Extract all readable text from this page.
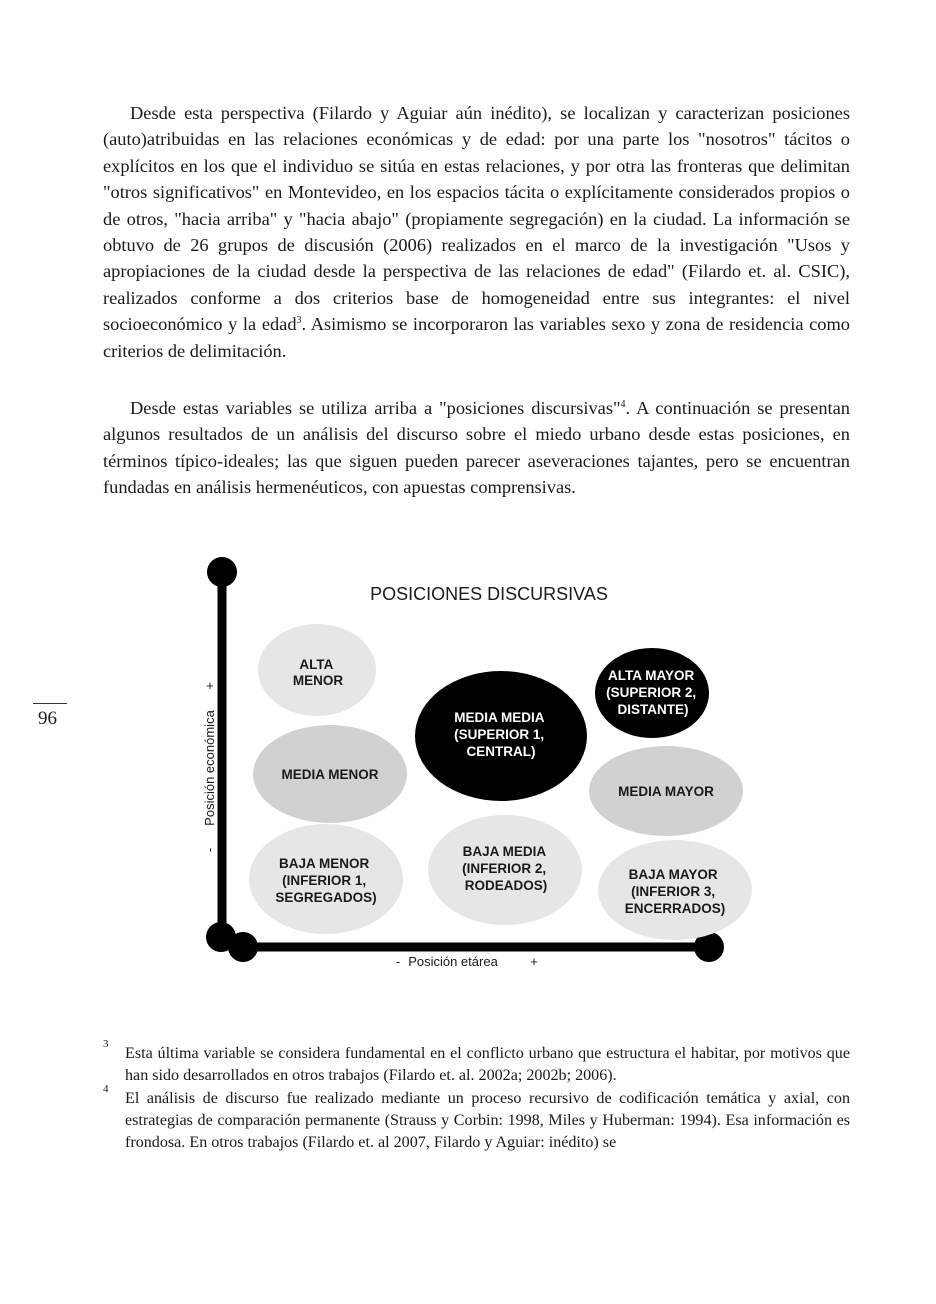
Desde esta perspectiva (Filardo y Aguiar aún inédito), se localizan y caracterizan posiciones (auto)atribuidas en las relaciones económicas y de edad: por una parte los "nosotros" tácitos o explícitos en los que el individuo se sitúa en estas relaciones, y por otra las fronteras que delimitan "otros significativos" en Montevideo, en los espacios tácita o explícitamente considerados propios o de otros, "hacia arriba" y "hacia abajo" (propiamente segregación) en la ciudad. La información se obtuvo de 26 grupos de discusión (2006) realizados en el marco de la investigación "Usos y apropiaciones de la ciudad desde la perspectiva de las relaciones de edad" (Filardo et. al. CSIC), realizados conforme a dos criterios base de homogeneidad entre sus integrantes: el nivel socioeconómico y la edad$^3$. Asimismo se incorporaron las variables sexo y zona de residencia como criterios de delimitación.

Desde estas variables se utiliza arriba a "posiciones discursivas"$^4$. A continuación se presentan algunos resultados de un análisis del discurso sobre el miedo urbano desde estas posiciones, en términos típico-ideales; las que siguen pueden parecer aseveraciones tajantes, pero se encuentran fundadas en análisis hermenéuticos, con apuestas comprensivas.

96
POSICIONES DISCURSIVAS
-
Posición económica
+
- Posición etárea +
ALTA MENOR
MEDIA MENOR
BAJA MENOR (INFERIOR 1, SEGREGADOS)
MEDIA MEDIA (SUPERIOR 1, CENTRAL)
BAJA MEDIA (INFERIOR 2, RODEADOS)
ALTA MAYOR (SUPERIOR 2, DISTANTE)
MEDIA MAYOR
BAJA MAYOR (INFERIOR 3, ENCERRADOS)
3

Esta última variable se considera fundamental en el conflicto urbano que estructura el habitar, por motivos que han sido desarrollados en otros trabajos (Filardo et. al. 2002a; 2002b; 2006).

4

El análisis de discurso fue realizado mediante un proceso recursivo de codificación temática y axial, con estrategias de comparación permanente (Strauss y Corbin: 1998, Miles y Huberman: 1994). Esa información es frondosa. En otros trabajos (Filardo et. al 2007, Filardo y Aguiar: inédito) se
